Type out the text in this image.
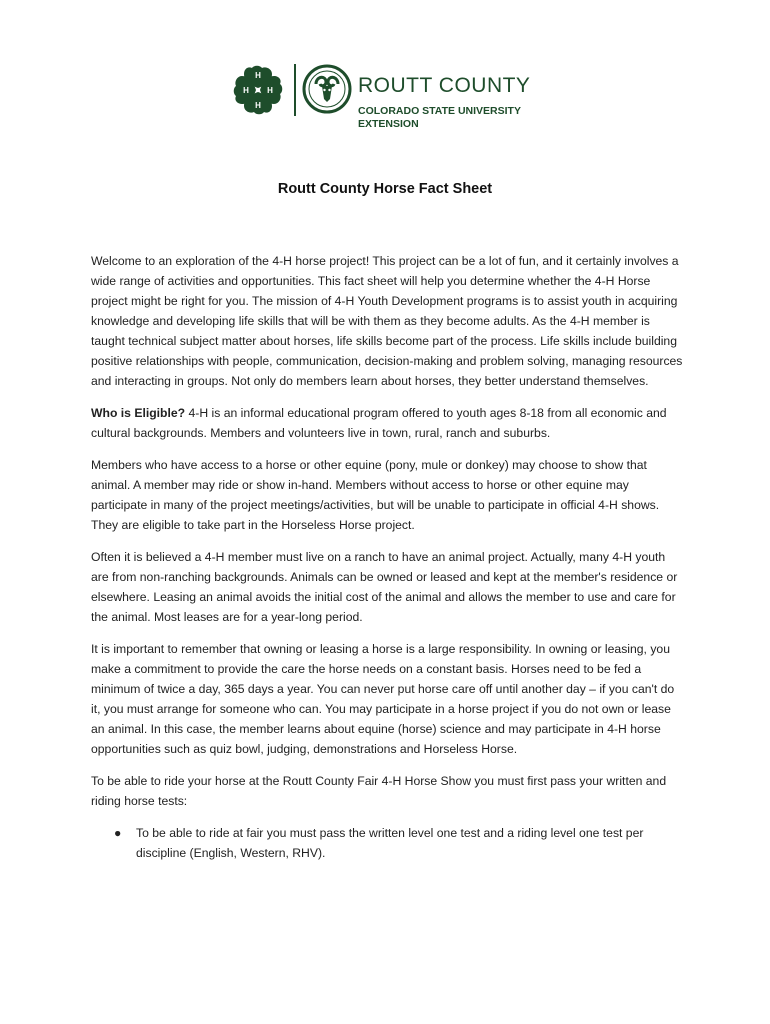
H
H
H
H	ROUTT COUNTY
COLORADO STATE UNIVERSITY
EXTENSION
Routt County Horse Fact Sheet

Welcome to an exploration of the 4-H horse project! This project can be a lot of fun, and it certainly involves a wide range of activities and opportunities. This fact sheet will help you determine whether the 4-H Horse project might be right for you. The mission of 4-H Youth Development programs is to assist youth in acquiring knowledge and developing life skills that will be with them as they become adults. As the 4-H member is taught technical subject matter about horses, life skills become part of the process. Life skills include building positive relationships with people, communication, decision-making and problem solving, managing resources and interacting in groups. Not only do members learn about horses, they better understand themselves.

Who is Eligible? 4-H is an informal educational program offered to youth ages 8-18 from all economic and cultural backgrounds. Members and volunteers live in town, rural, ranch and suburbs.

Members who have access to a horse or other equine (pony, mule or donkey) may choose to show that animal. A member may ride or show in-hand. Members without access to horse or other equine may participate in many of the project meetings/activities, but will be unable to participate in official 4-H shows. They are eligible to take part in the Horseless Horse project.

Often it is believed a 4-H member must live on a ranch to have an animal project. Actually, many 4-H youth are from non-ranching backgrounds. Animals can be owned or leased and kept at the member's residence or elsewhere. Leasing an animal avoids the initial cost of the animal and allows the member to use and care for the animal. Most leases are for a year-long period.

It is important to remember that owning or leasing a horse is a large responsibility. In owning or leasing, you make a commitment to provide the care the horse needs on a constant basis. Horses need to be fed a minimum of twice a day, 365 days a year. You can never put horse care off until another day – if you can't do it, you must arrange for someone who can. You may participate in a horse project if you do not own or lease an animal. In this case, the member learns about equine (horse) science and may participate in 4-H horse opportunities such as quiz bowl, judging, demonstrations and Horseless Horse.

To be able to ride your horse at the Routt County Fair 4-H Horse Show you must first pass your written and riding horse tests:

● To be able to ride at fair you must pass the written level one test and a riding level one test per discipline (English, Western, RHV).
